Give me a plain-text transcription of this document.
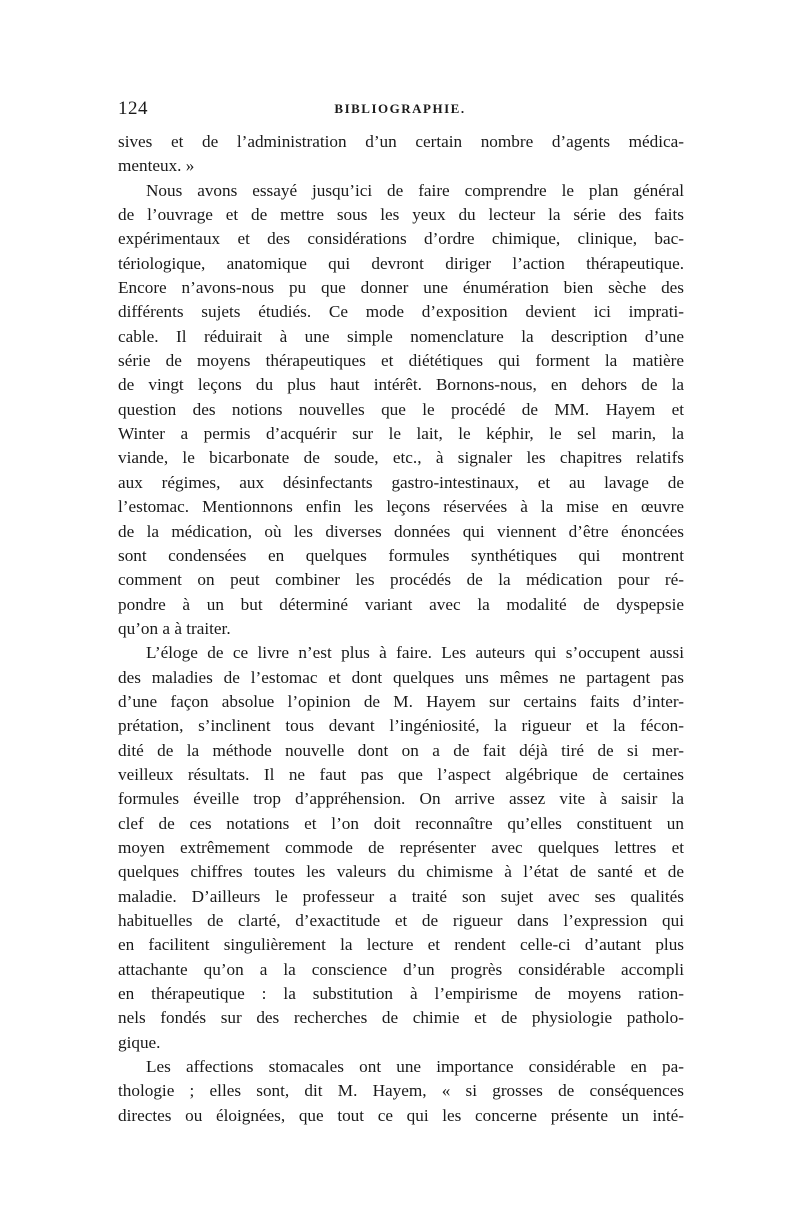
124	BIBLIOGRAPHIE.
sives et de l’administration d’un certain nombre d’agents médica-
menteux. »
Nous avons essayé jusqu’ici de faire comprendre le plan général
de l’ouvrage et de mettre sous les yeux du lecteur la série des faits
expérimentaux et des considérations d’ordre chimique, clinique, bac-
tériologique, anatomique qui devront diriger l’action thérapeutique.
Encore n’avons-nous pu que donner une énumération bien sèche des
différents sujets étudiés. Ce mode d’exposition devient ici imprati-
cable. Il réduirait à une simple nomenclature la description d’une
série de moyens thérapeutiques et diététiques qui forment la matière
de vingt leçons du plus haut intérêt. Bornons-nous, en dehors de la
question des notions nouvelles que le procédé de MM. Hayem et
Winter a permis d’acquérir sur le lait, le képhir, le sel marin, la
viande, le bicarbonate de soude, etc., à signaler les chapitres relatifs
aux régimes, aux désinfectants gastro-intestinaux, et au lavage de
l’estomac. Mentionnons enfin les leçons réservées à la mise en œuvre
de la médication, où les diverses données qui viennent d’être énoncées
sont condensées en quelques formules synthétiques qui montrent
comment on peut combiner les procédés de la médication pour ré-
pondre à un but déterminé variant avec la modalité de dyspepsie
qu’on a à traiter.
L’éloge de ce livre n’est plus à faire. Les auteurs qui s’occupent aussi
des maladies de l’estomac et dont quelques uns mêmes ne partagent pas
d’une façon absolue l’opinion de M. Hayem sur certains faits d’inter-
prétation, s’inclinent tous devant l’ingéniosité, la rigueur et la fécon-
dité de la méthode nouvelle dont on a de fait déjà tiré de si mer-
veilleux résultats. Il ne faut pas que l’aspect algébrique de certaines
formules éveille trop d’appréhension. On arrive assez vite à saisir la
clef de ces notations et l’on doit reconnaître qu’elles constituent un
moyen extrêmement commode de représenter avec quelques lettres et
quelques chiffres toutes les valeurs du chimisme à l’état de santé et de
maladie. D’ailleurs le professeur a traité son sujet avec ses qualités
habituelles de clarté, d’exactitude et de rigueur dans l’expression qui
en facilitent singulièrement la lecture et rendent celle-ci d’autant plus
attachante qu’on a la conscience d’un progrès considérable accompli
en thérapeutique : la substitution à l’empirisme de moyens ration-
nels fondés sur des recherches de chimie et de physiologie patholo-
gique.
Les affections stomacales ont une importance considérable en pa-
thologie ; elles sont, dit M. Hayem, « si grosses de conséquences
directes ou éloignées, que tout ce qui les concerne présente un inté-
